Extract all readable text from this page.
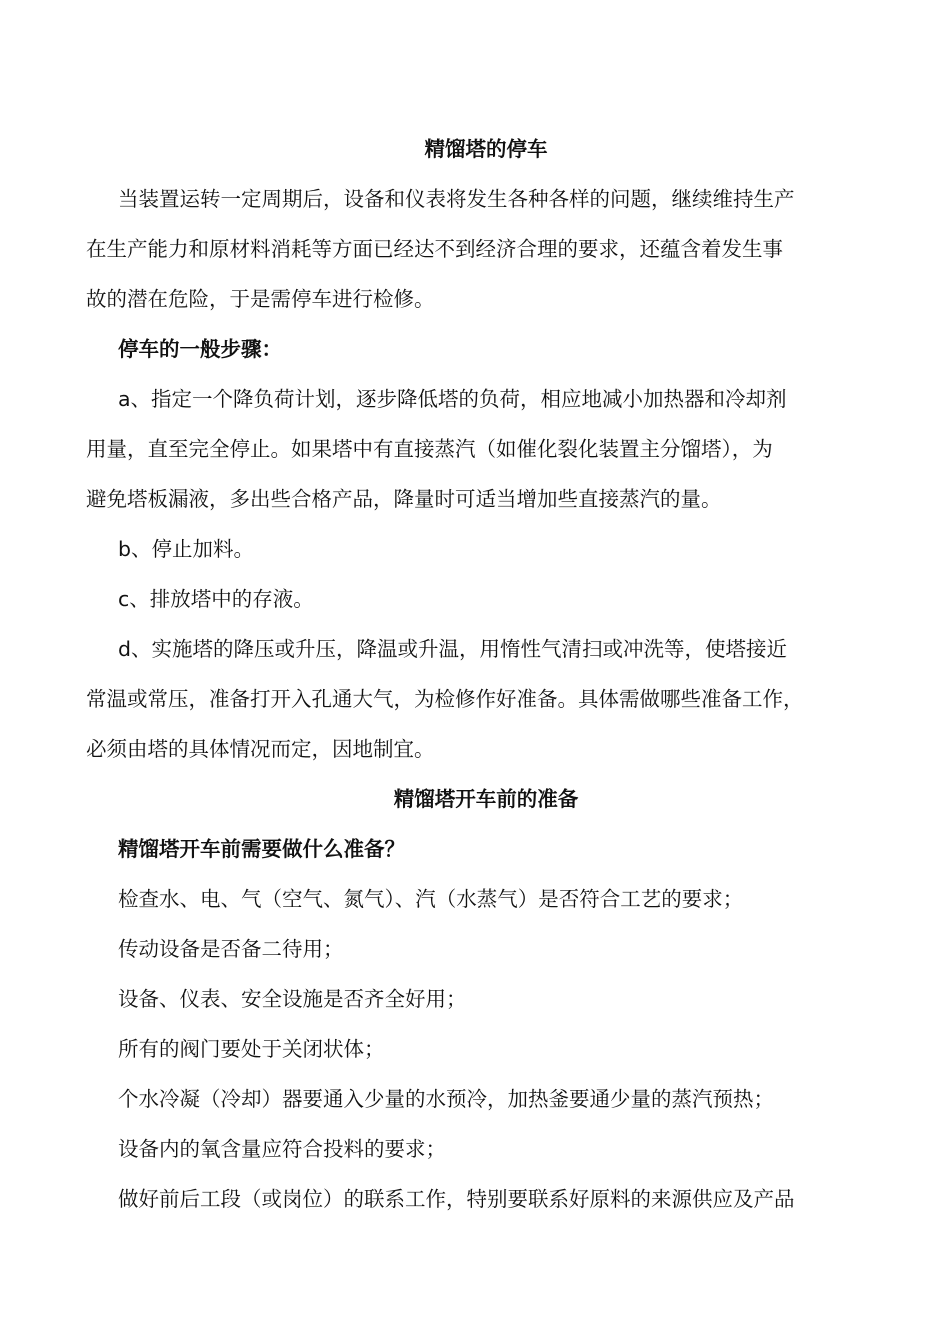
精馏塔的停车
当装置运转一定周期后，设备和仪表将发生各种各样的问题，继续维持生产
在生产能力和原材料消耗等方面已经达不到经济合理的要求，还蕴含着发生事
故的潜在危险，于是需停车进行检修。
停车的一般步骤：
a、指定一个降负荷计划，逐步降低塔的负荷，相应地减小加热器和冷却剂
用量，直至完全停止。如果塔中有直接蒸汽（如催化裂化装置主分馏塔），为
避免塔板漏液，多出些合格产品，降量时可适当增加些直接蒸汽的量。
b、停止加料。
c、排放塔中的存液。
d、实施塔的降压或升压，降温或升温，用惰性气清扫或冲洗等，使塔接近
常温或常压，准备打开入孔通大气，为检修作好准备。具体需做哪些准备工作，
必须由塔的具体情况而定，因地制宜。
精馏塔开车前的准备
精馏塔开车前需要做什么准备？
检查水、电、气（空气、氮气）、汽（水蒸气）是否符合工艺的要求；
传动设备是否备二待用；
设备、仪表、安全设施是否齐全好用；
所有的阀门要处于关闭状体；
个水冷凝（冷却）器要通入少量的水预冷，加热釜要通少量的蒸汽预热；
设备内的氧含量应符合投料的要求；
做好前后工段（或岗位）的联系工作，特别要联系好原料的来源供应及产品
